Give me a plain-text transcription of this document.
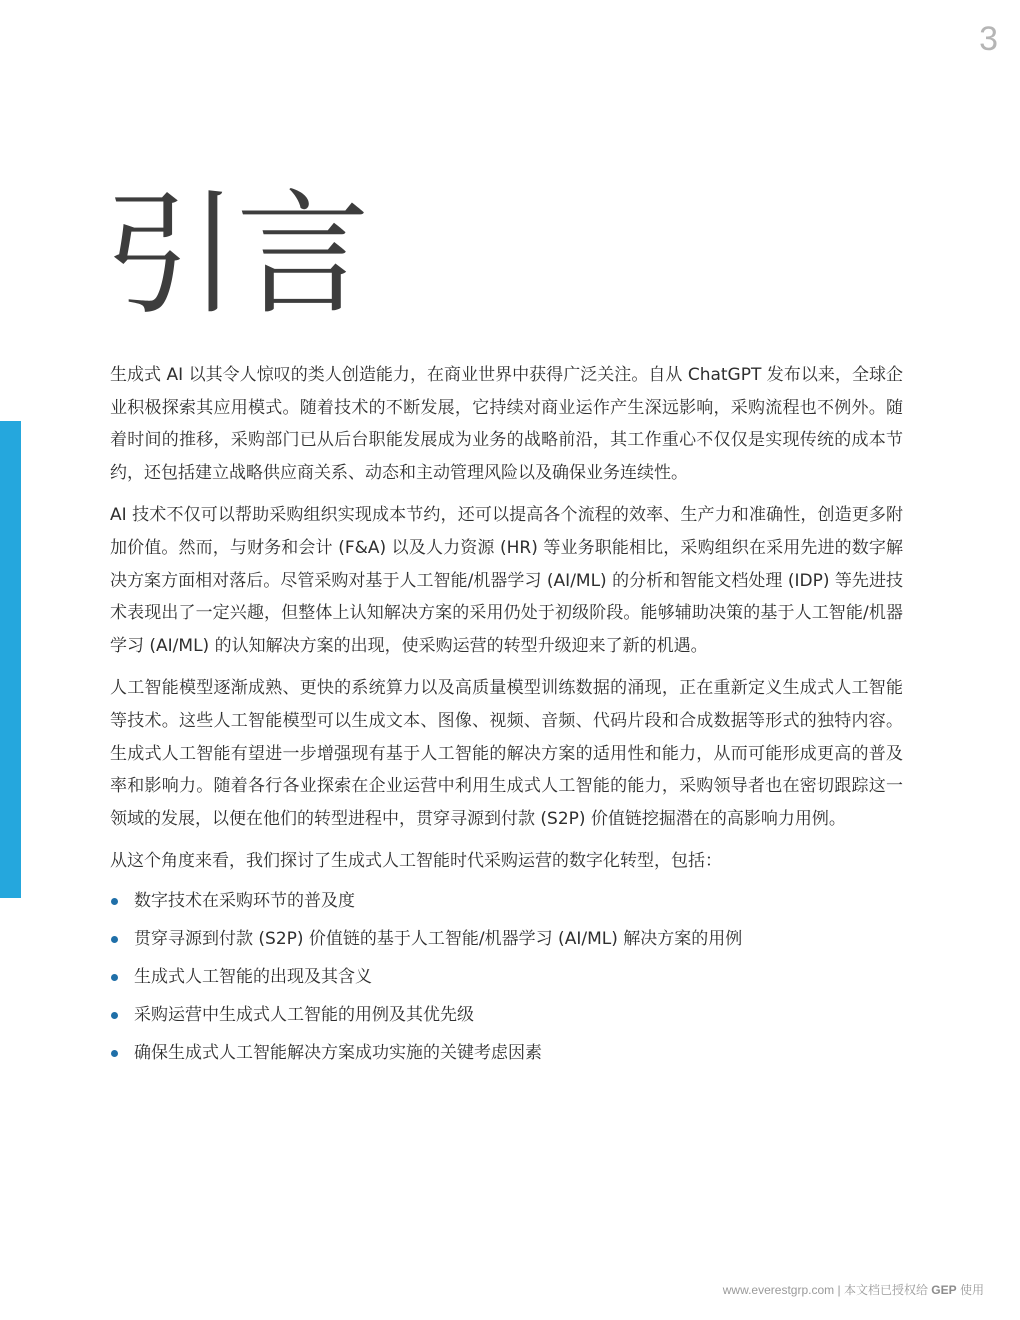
3
引言

生成式 AI 以其令人惊叹的类人创造能力，在商业世界中获得广泛关注。自从 ChatGPT 发布以来，全球企业积极探索其应用模式。随着技术的不断发展，它持续对商业运作产生深远影响，采购流程也不例外。随着时间的推移，采购部门已从后台职能发展成为业务的战略前沿，其工作重心不仅仅是实现传统的成本节约，还包括建立战略供应商关系、动态和主动管理风险以及确保业务连续性。

AI 技术不仅可以帮助采购组织实现成本节约，还可以提高各个流程的效率、生产力和准确性，创造更多附加价值。然而，与财务和会计 (F&A) 以及人力资源 (HR) 等业务职能相比，采购组织在采用先进的数字解决方案方面相对落后。尽管采购对基于人工智能/机器学习 (AI/ML) 的分析和智能文档处理 (IDP) 等先进技术表现出了一定兴趣，但整体上认知解决方案的采用仍处于初级阶段。能够辅助决策的基于人工智能/机器学习 (AI/ML) 的认知解决方案的出现，使采购运营的转型升级迎来了新的机遇。

人工智能模型逐渐成熟、更快的系统算力以及高质量模型训练数据的涌现，正在重新定义生成式人工智能等技术。这些人工智能模型可以生成文本、图像、视频、音频、代码片段和合成数据等形式的独特内容。生成式人工智能有望进一步增强现有基于人工智能的解决方案的适用性和能力，从而可能形成更高的普及率和影响力。随着各行各业探索在企业运营中利用生成式人工智能的能力，采购领导者也在密切跟踪这一领域的发展，以便在他们的转型进程中，贯穿寻源到付款 (S2P) 价值链挖掘潜在的高影响力用例。

从这个角度来看，我们探讨了生成式人工智能时代采购运营的数字化转型，包括：

数字技术在采购环节的普及度
贯穿寻源到付款 (S2P) 价值链的基于人工智能/机器学习 (AI/ML) 解决方案的用例
生成式人工智能的出现及其含义
采购运营中生成式人工智能的用例及其优先级
确保生成式人工智能解决方案成功实施的关键考虑因素
www.everestgrp.com | 本文档已授权给 GEP 使用
